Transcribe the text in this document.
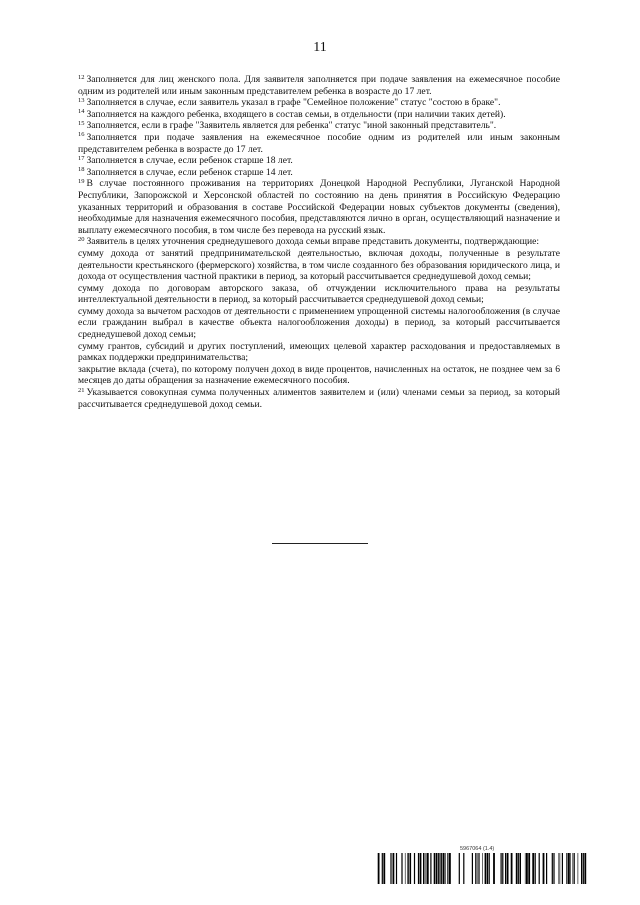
11

$^{12}$ Заполняется для лиц женского пола. Для заявителя заполняется при подаче заявления на ежемесячное пособие одним из родителей или иным законным представителем ребенка в возрасте до 17 лет.

$^{13}$ Заполняется в случае, если заявитель указал в графе "Семейное положение" статус "состою в браке".

$^{14}$ Заполняется на каждого ребенка, входящего в состав семьи, в отдельности (при наличии таких детей).

$^{15}$ Заполняется, если в графе "Заявитель является для ребенка" статус "иной законный представитель".

$^{16}$ Заполняется при подаче заявления на ежемесячное пособие одним из родителей или иным законным представителем ребенка в возрасте до 17 лет.

$^{17}$ Заполняется в случае, если ребенок старше 18 лет.

$^{18}$ Заполняется в случае, если ребенок старше 14 лет.

$^{19}$ В случае постоянного проживания на территориях Донецкой Народной Республики, Луганской Народной Республики, Запорожской и Херсонской областей по состоянию на день принятия в Российскую Федерацию указанных территорий и образования в составе Российской Федерации новых субъектов документы (сведения), необходимые для назначения ежемесячного пособия, представляются лично в орган, осуществляющий назначение и выплату ежемесячного пособия, в том числе без перевода на русский язык.

$^{20}$ Заявитель в целях уточнения среднедушевого дохода семьи вправе представить документы, подтверждающие:
сумму дохода от занятий предпринимательской деятельностью, включая доходы, полученные в результате деятельности крестьянского (фермерского) хозяйства, в том числе созданного без образования юридического лица, и дохода от осуществления частной практики в период, за который рассчитывается среднедушевой доход семьи;
сумму дохода по договорам авторского заказа, об отчуждении исключительного права на результаты интеллектуальной деятельности в период, за который рассчитывается среднедушевой доход семьи;
сумму дохода за вычетом расходов от деятельности с применением упрощенной системы налогообложения (в случае если гражданин выбрал в качестве объекта налогообложения доходы) в период, за который рассчитывается среднедушевой доход семьи;
сумму грантов, субсидий и других поступлений, имеющих целевой характер расходования и предоставляемых в рамках поддержки предпринимательства;
закрытие вклада (счета), по которому получен доход в виде процентов, начисленных на остаток, не позднее чем за 6 месяцев до даты обращения за назначение ежемесячного пособия.

$^{21}$ Указывается совокупная сумма полученных алиментов заявителем и (или) членами семьи за период, за который рассчитывается среднедушевой доход семьи.

5967064 (1.4)
